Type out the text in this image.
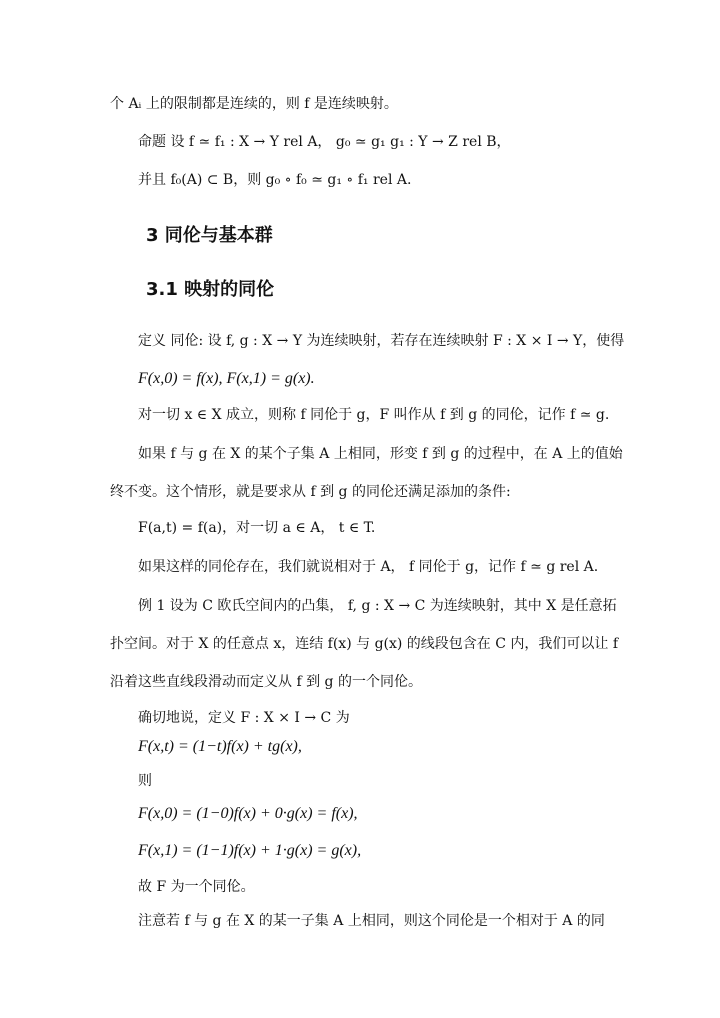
个 Aᵢ 上的限制都是连续的，则 f 是连续映射。
命题 设 f ≃ f₁ : X → Y rel A， g₀ ≃ g₁ g₁ : Y → Z rel B，
并且 f₀(A) ⊂ B，则 g₀ ∘ f₀ ≃ g₁ ∘ f₁ rel A.
3 同伦与基本群
3.1 映射的同伦
定义 同伦: 设 f, g : X → Y 为连续映射，若存在连续映射 F : X × I → Y，使得
F(x,0) = f(x), F(x,1) = g(x).
对一切 x ∈ X 成立，则称 f 同伦于 g，F 叫作从 f 到 g 的同伦，记作 f ≃ g.
如果 f 与 g 在 X 的某个子集 A 上相同，形变 f 到 g 的过程中，在 A 上的值始
终不变。这个情形，就是要求从 f 到 g 的同伦还满足添加的条件:
F(a,t) = f(a)，对一切 a ∈ A， t ∈ T.
如果这样的同伦存在，我们就说相对于 A， f 同伦于 g，记作 f ≃ g rel A.
例 1 设为 C 欧氏空间内的凸集， f, g : X → C 为连续映射，其中 X 是任意拓
扑空间。对于 X 的任意点 x，连结 f(x) 与 g(x) 的线段包含在 C 内，我们可以让 f
沿着这些直线段滑动而定义从 f 到 g 的一个同伦。
确切地说，定义 F : X × I → C 为
F(x,t) = (1−t)f(x) + tg(x),
则
F(x,0) = (1−0)f(x) + 0·g(x) = f(x),
F(x,1) = (1−1)f(x) + 1·g(x) = g(x),
故 F 为一个同伦。
注意若 f 与 g 在 X 的某一子集 A 上相同，则这个同伦是一个相对于 A 的同
